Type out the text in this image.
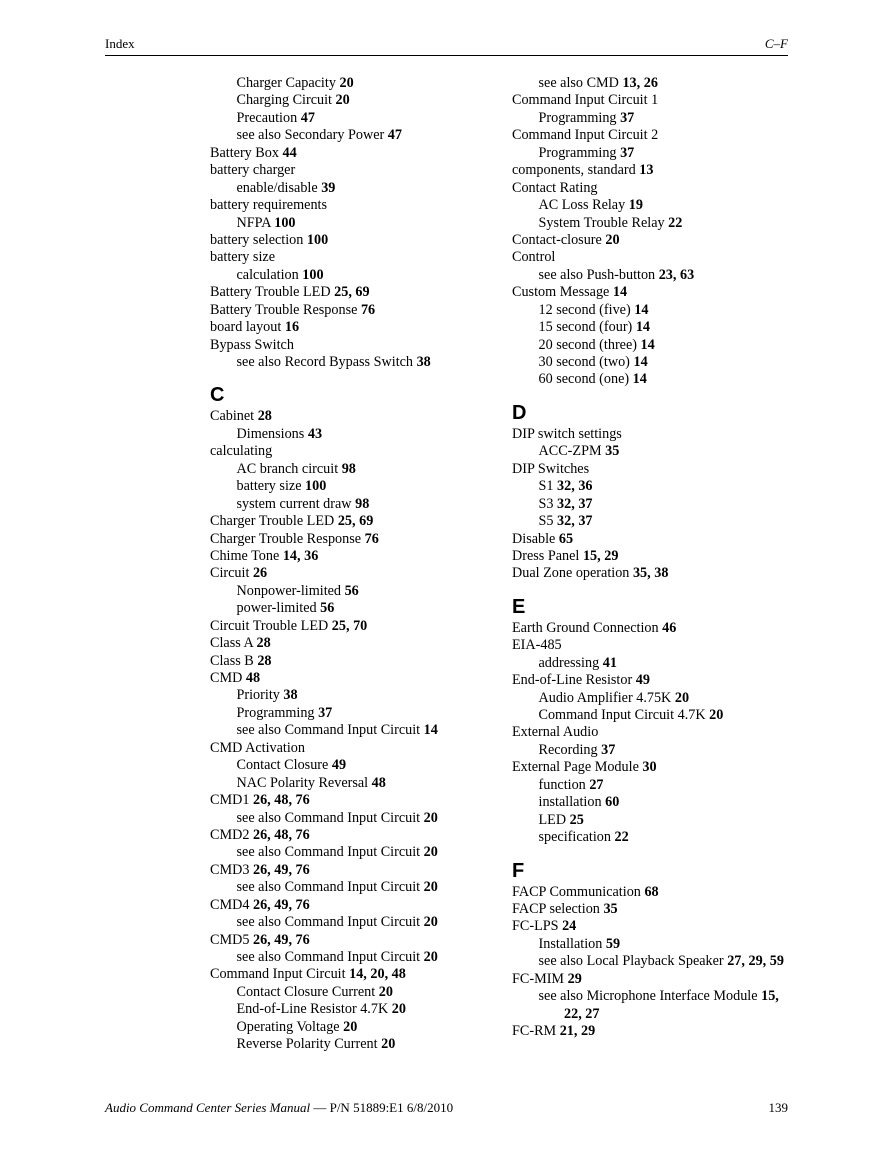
Index	C–F
Charger Capacity 20
Charging Circuit 20
Precaution 47
see also Secondary Power 47
Battery Box 44
battery charger
enable/disable 39
battery requirements
NFPA 100
battery selection 100
battery size
calculation 100
Battery Trouble LED 25, 69
Battery Trouble Response 76
board layout 16
Bypass Switch
see also Record Bypass Switch 38
C
Cabinet 28
Dimensions 43
calculating
AC branch circuit 98
battery size 100
system current draw 98
Charger Trouble LED 25, 69
Charger Trouble Response 76
Chime Tone 14, 36
Circuit 26
Nonpower-limited 56
power-limited 56
Circuit Trouble LED 25, 70
Class A 28
Class B 28
CMD 48
Priority 38
Programming 37
see also Command Input Circuit 14
CMD Activation
Contact Closure 49
NAC Polarity Reversal 48
CMD1 26, 48, 76
see also Command Input Circuit 20
CMD2 26, 48, 76
see also Command Input Circuit 20
CMD3 26, 49, 76
see also Command Input Circuit 20
CMD4 26, 49, 76
see also Command Input Circuit 20
CMD5 26, 49, 76
see also Command Input Circuit 20
Command Input Circuit 14, 20, 48
Contact Closure Current 20
End-of-Line Resistor 4.7K 20
Operating Voltage 20
Reverse Polarity Current 20
see also CMD 13, 26
Command Input Circuit 1
Programming 37
Command Input Circuit 2
Programming 37
components, standard 13
Contact Rating
AC Loss Relay 19
System Trouble Relay 22
Contact-closure 20
Control
see also Push-button 23, 63
Custom Message 14
12 second (five) 14
15 second (four) 14
20 second (three) 14
30 second (two) 14
60 second (one) 14
D
DIP switch settings
ACC-ZPM 35
DIP Switches
S1 32, 36
S3 32, 37
S5 32, 37
Disable 65
Dress Panel 15, 29
Dual Zone operation 35, 38
E
Earth Ground Connection 46
EIA-485
addressing 41
End-of-Line Resistor 49
Audio Amplifier 4.75K 20
Command Input Circuit 4.7K 20
External Audio
Recording 37
External Page Module 30
function 27
installation 60
LED 25
specification 22
F
FACP Communication 68
FACP selection 35
FC-LPS 24
Installation 59
see also Local Playback Speaker 27, 29, 59
FC-MIM 29
see also Microphone Interface Module 15,
22, 27
FC-RM 21, 29
Audio Command Center Series Manual — P/N 51889:E1 6/8/2010	139
